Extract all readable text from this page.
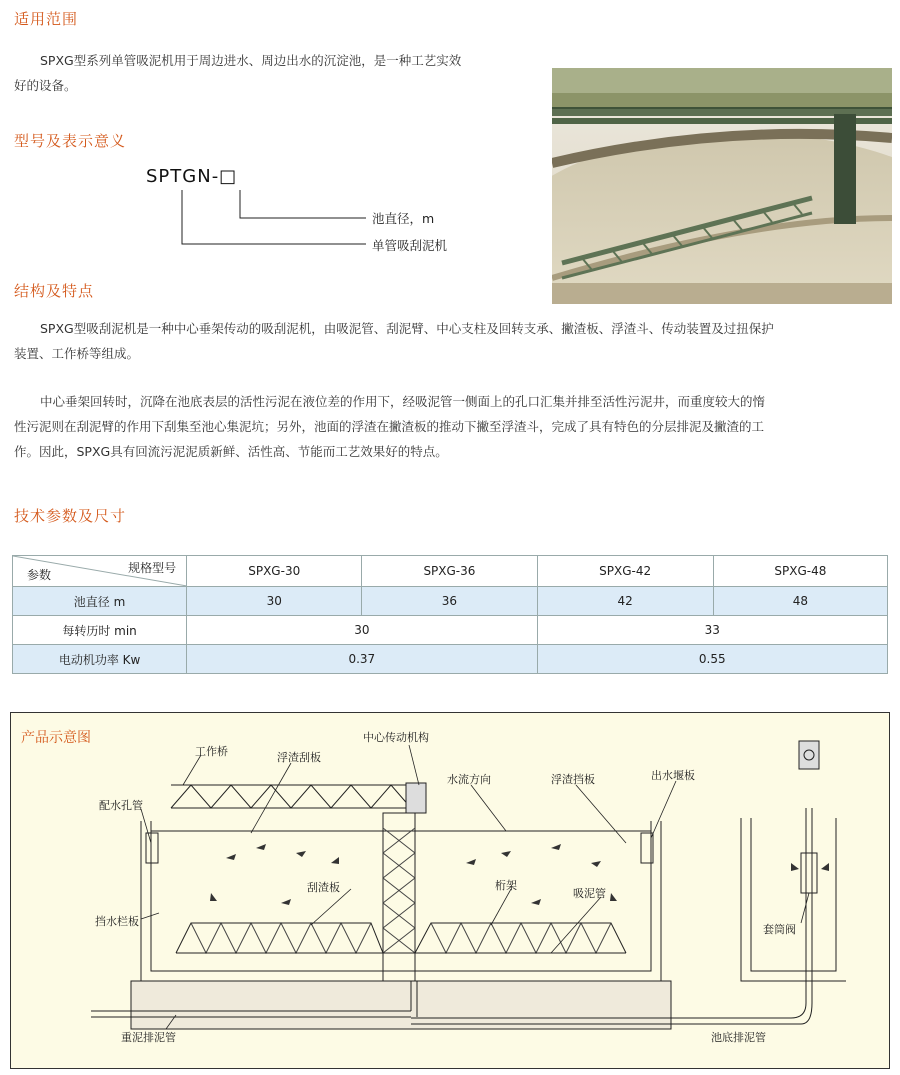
适用范围

SPXG型系列单管吸泥机用于周边进水、周边出水的沉淀池，是一种工艺实效
好的设备。

型号及表示意义
SPTGN-□
池直径，m
单管吸刮泥机
结构及特点

SPXG型吸刮泥机是一种中心垂架传动的吸刮泥机，由吸泥管、刮泥臂、中心支柱及回转支承、撇渣板、浮渣斗、传动装置及过扭保护
装置、工作桥等组成。

中心垂架回转时，沉降在池底表层的活性污泥在液位差的作用下，经吸泥管一侧面上的孔口汇集并排至活性污泥井，而重度较大的惰
性污泥则在刮泥臂的作用下刮集至池心集泥坑；另外，池面的浮渣在撇渣板的推动下撇至浮渣斗，完成了具有特色的分层排泥及撇渣的工
作。因此，SPXG具有回流污泥泥质新鲜、活性高、节能而工艺效果好的特点。

技术参数及尺寸
规格型号
参数	SPXG-30	SPXG-36	SPXG-42	SPXG-48
池直径 m	30	36	42	48
每转历时 min	30		33	
电动机功率 Kw	0.37		0.55	
产品示意图	中心传动机构
工作桥	浮渣刮板
水流方向	浮渣挡板	出水堰板
配水孔管
刮渣板	桁架
吸泥管
挡水栏板
套筒阀
重泥排泥管	池底排泥管
